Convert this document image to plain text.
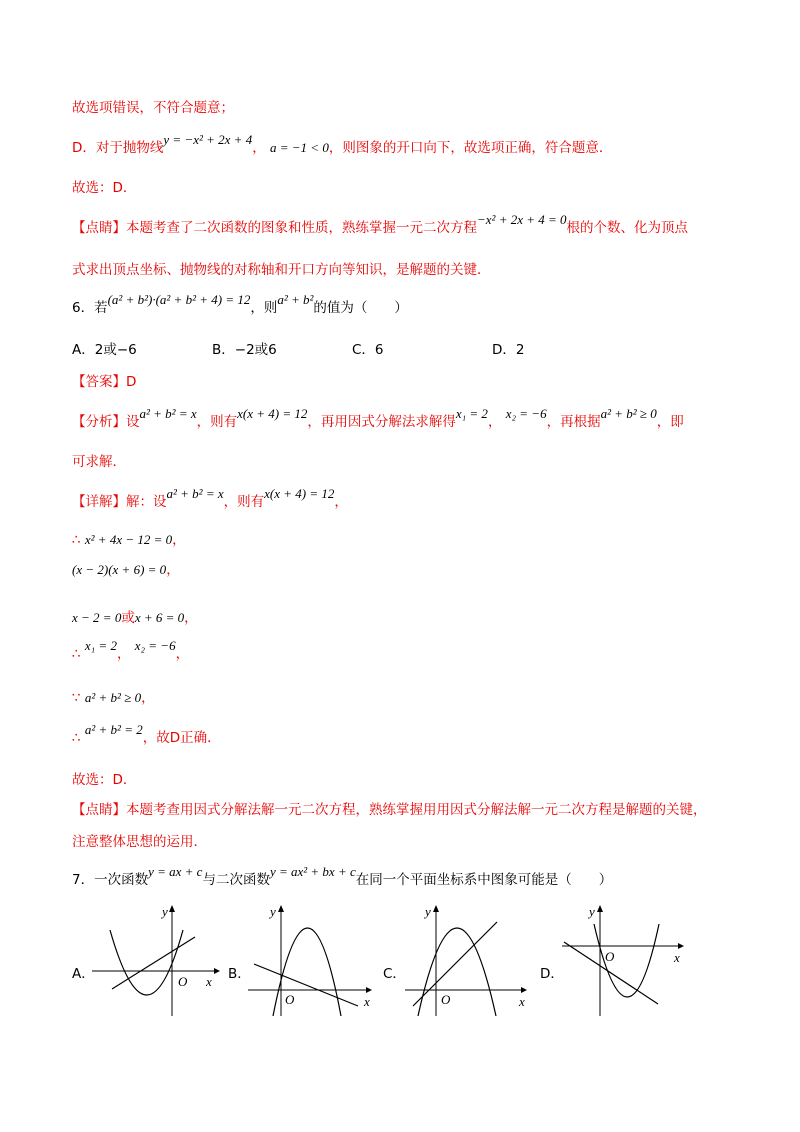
故选项错误，不符合题意；
D．对于抛物线y = −x² + 2x + 4， a = −1 < 0，则图象的开口向下，故选项正确，符合题意．
故选：D．
【点睛】本题考查了二次函数的图象和性质，熟练掌握一元二次方程−x² + 2x + 4 = 0根的个数、化为顶点
式求出顶点坐标、抛物线的对称轴和开口方向等知识，是解题的关键．
6．若(a² + b²)·(a² + b² + 4) = 12，则a² + b²的值为（　　）
A．2或−6	B．−2或6	C．6	D．2
【答案】D
【分析】设a² + b² = x，则有x(x + 4) = 12，再用因式分解法求解得x₁ = 2， x₂ = −6，再根据a² + b² ≥ 0，即
可求解．
【详解】解：设a² + b² = x，则有x(x + 4) = 12，
∴ x² + 4x − 12 = 0，
(x − 2)(x + 6) = 0，
x − 2 = 0或x + 6 = 0，
∴ x₁ = 2， x₂ = −6，
∵ a² + b² ≥ 0，
∴ a² + b² = 2，故D正确．
故选：D．
【点睛】本题考查用因式分解法解一元二次方程，熟练掌握用用因式分解法解一元二次方程是解题的关键，
注意整体思想的运用．
7．一次函数y = ax + c与二次函数y = ax² + bx + c在同一个平面坐标系中图象可能是（　　）
A．	B．	C．	D．
y
x
O
y
x
O
y
x
O
y
x
O
